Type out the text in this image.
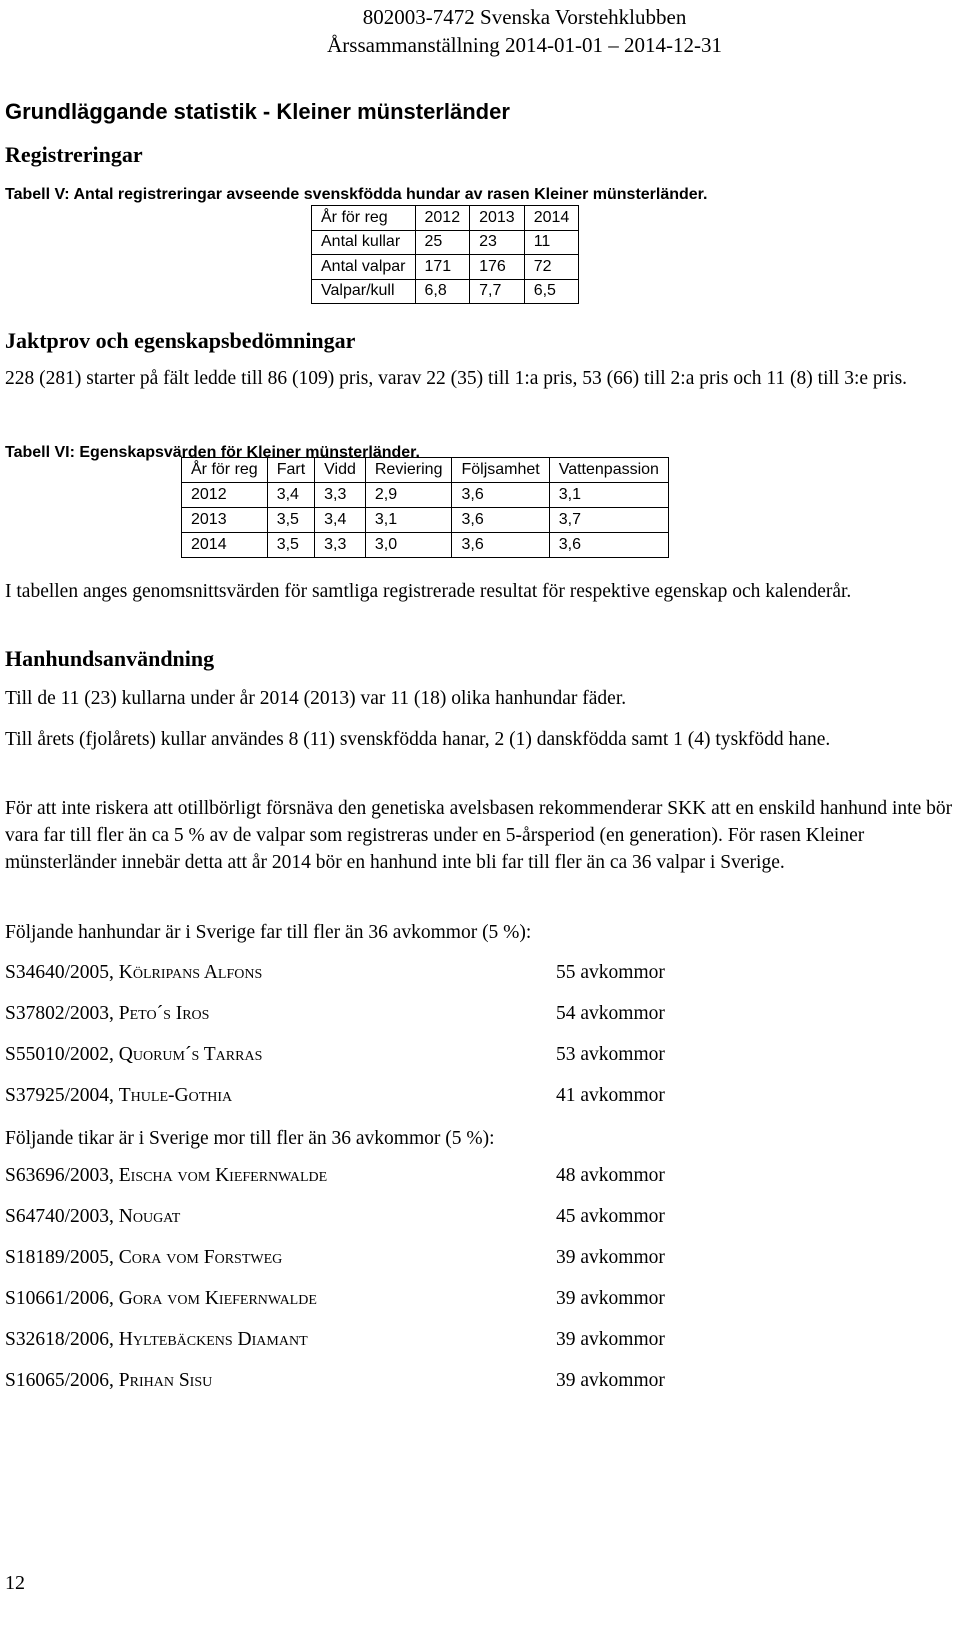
802003-7472 Svenska Vorstehklubben
Årssammanställning 2014-01-01 – 2014-12-31
Grundläggande statistik - Kleiner münsterländer
Registreringar
Tabell V: Antal registreringar avseende svenskfödda hundar av rasen Kleiner münsterländer.
År för reg	2012	2013	2014
Antal kullar	25	23	11
Antal valpar	171	176	72
Valpar/kull	6,8	7,7	6,5
Jaktprov och egenskapsbedömningar
228 (281) starter på fält ledde till 86 (109) pris, varav 22 (35) till 1:a pris, 53 (66) till 2:a pris och 11 (8) till 3:e pris.
Tabell VI: Egenskapsvärden för Kleiner münsterländer.
År för reg	Fart	Vidd	Reviering	Följsamhet	Vattenpassion
2012	3,4	3,3	2,9	3,6	3,1
2013	3,5	3,4	3,1	3,6	3,7
2014	3,5	3,3	3,0	3,6	3,6
I tabellen anges genomsnittsvärden för samtliga registrerade resultat för respektive egenskap och kalenderår.
Hanhundsanvändning
Till de 11 (23) kullarna under år 2014 (2013) var 11 (18) olika hanhundar fäder.
Till årets (fjolårets) kullar användes 8 (11) svenskfödda hanar, 2 (1) danskfödda samt 1 (4) tyskfödd hane.
För att inte riskera att otillbörligt försnäva den genetiska avelsbasen rekommenderar SKK att en enskild hanhund inte bör vara far till fler än ca 5 % av de valpar som registreras under en 5-årsperiod (en generation). För rasen Kleiner münsterländer innebär detta att år 2014 bör en hanhund inte bli far till fler än ca 36 valpar i Sverige.
Följande hanhundar är i Sverige far till fler än 36 avkommor (5 %):
S34640/2005, Kölripans Alfons	55 avkommor
S37802/2003, Peto´s Iros	54 avkommor
S55010/2002, Quorum´s Tarras	53 avkommor
S37925/2004, Thule-Gothia	41 avkommor
Följande tikar är i Sverige mor till fler än 36 avkommor (5 %):
S63696/2003, Eischa vom Kiefernwalde	48 avkommor
S64740/2003, Nougat	45 avkommor
S18189/2005, Cora vom Forstweg	39 avkommor
S10661/2006, Gora vom Kiefernwalde	39 avkommor
S32618/2006, Hyltebäckens Diamant	39 avkommor
S16065/2006, Prihan Sisu	39 avkommor
12
